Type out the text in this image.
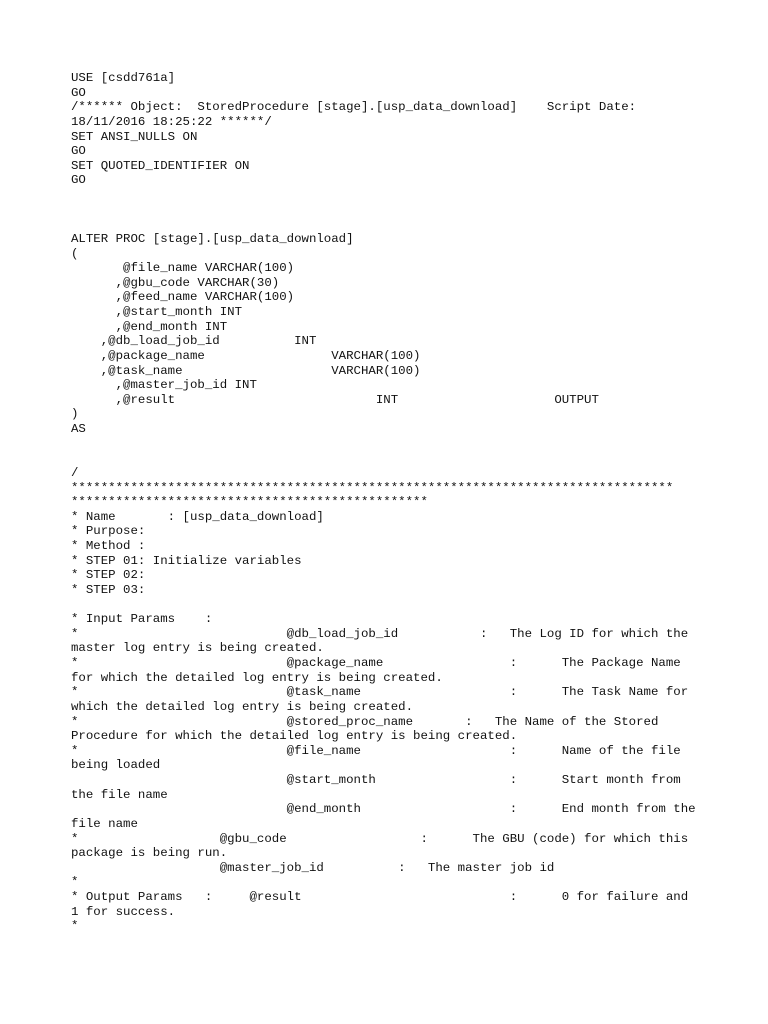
USE [csdd761a]
GO
/****** Object:  StoredProcedure [stage].[usp_data_download]    Script Date:
18/11/2016 18:25:22 ******/
SET ANSI_NULLS ON
GO
SET QUOTED_IDENTIFIER ON
GO
ALTER PROC [stage].[usp_data_download]
(
@file_name VARCHAR(100)
,@gbu_code VARCHAR(30)
,@feed_name VARCHAR(100)
,@start_month INT
,@end_month INT
,@db_load_job_id          INT
,@package_name                 VARCHAR(100)
,@task_name                    VARCHAR(100)
,@master_job_id INT
,@result                           INT                     OUTPUT
)
AS
/
*********************************************************************************
************************************************
* Name       : [usp_data_download]
* Purpose:
* Method :
* STEP 01: Initialize variables
* STEP 02:
* STEP 03:
* Input Params    :
*                            @db_load_job_id           :   The Log ID for which the
master log entry is being created.
*                            @package_name                 :      The Package Name
for which the detailed log entry is being created.
*                            @task_name                    :      The Task Name for
which the detailed log entry is being created.
*                            @stored_proc_name       :   The Name of the Stored
Procedure for which the detailed log entry is being created.
*                            @file_name                    :      Name of the file
being loaded
@start_month                  :      Start month from
the file name
@end_month                    :      End month from the
file name
*                   @gbu_code                  :      The GBU (code) for which this
package is being run.
@master_job_id          :   The master job id
*
* Output Params   :     @result                            :      0 for failure and
1 for success.
*
